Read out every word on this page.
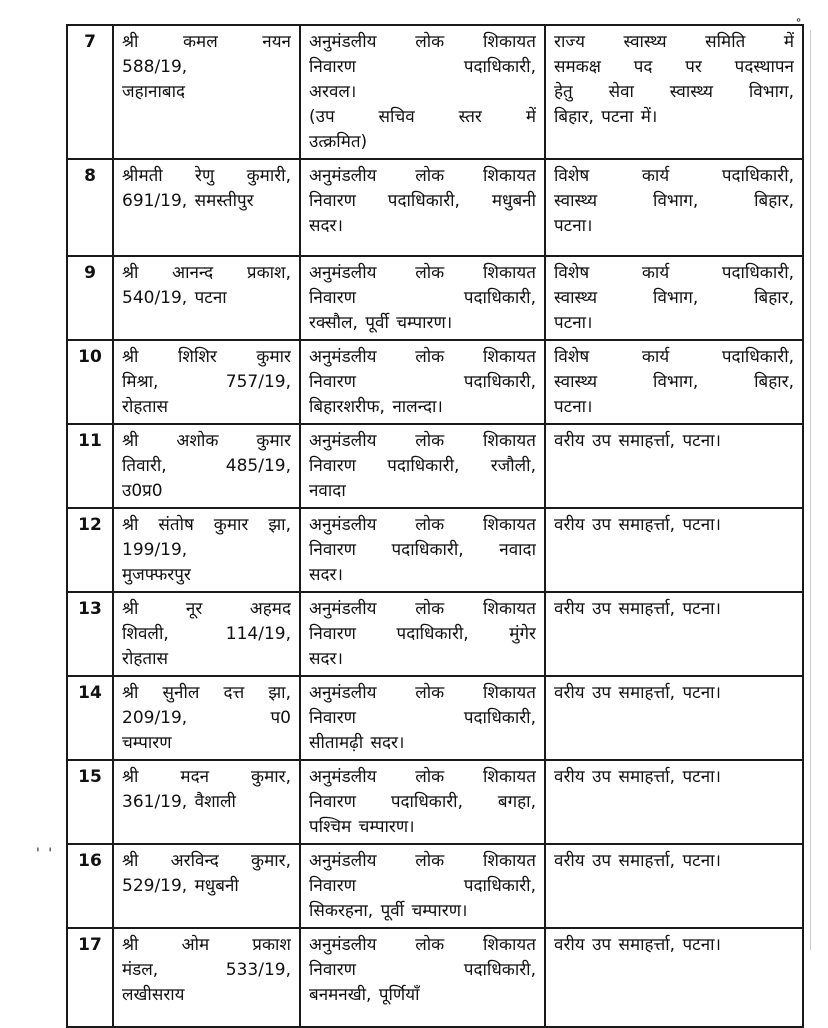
॰
' '
7	श्री कमल नयन
588/19,
जहानाबाद	अनुमंडलीय लोक शिकायत
निवारण पदाधिकारी,
अरवल।
(उप सचिव स्तर में
उत्क्रमित)	राज्य स्वास्थ्य समिति में
समकक्ष पद पर पदस्थापन
हेतु सेवा स्वास्थ्य विभाग,
बिहार, पटना में।

8	श्रीमती रेणु कुमारी,
691/19, समस्तीपुर	अनुमंडलीय लोक शिकायत
निवारण पदाधिकारी, मधुबनी
सदर।	विशेष कार्य पदाधिकारी,
स्वास्थ्य विभाग, बिहार,
पटना।

9	श्री आनन्द प्रकाश,
540/19, पटना	अनुमंडलीय लोक शिकायत
निवारण पदाधिकारी,
रक्सौल, पूर्वी चम्पारण।	विशेष कार्य पदाधिकारी,
स्वास्थ्य विभाग, बिहार,
पटना।

10	श्री शिशिर कुमार
मिश्रा, 757/19,
रोहतास	अनुमंडलीय लोक शिकायत
निवारण पदाधिकारी,
बिहारशरीफ, नालन्दा।	विशेष कार्य पदाधिकारी,
स्वास्थ्य विभाग, बिहार,
पटना।

11	श्री अशोक कुमार
तिवारी, 485/19,
उ0प्र0	अनुमंडलीय लोक शिकायत
निवारण पदाधिकारी, रजौली,
नवादा	वरीय उप समाहर्त्ता, पटना।

12	श्री संतोष कुमार झा,
199/19,
मुजफ्फरपुर	अनुमंडलीय लोक शिकायत
निवारण पदाधिकारी, नवादा
सदर।	वरीय उप समाहर्त्ता, पटना।

13	श्री नूर अहमद
शिवली, 114/19,
रोहतास	अनुमंडलीय लोक शिकायत
निवारण पदाधिकारी, मुंगेर
सदर।	वरीय उप समाहर्त्ता, पटना।

14	श्री सुनील दत्त झा,
209/19, प0
चम्पारण	अनुमंडलीय लोक शिकायत
निवारण पदाधिकारी,
सीतामढ़ी सदर।	वरीय उप समाहर्त्ता, पटना।

15	श्री मदन कुमार,
361/19, वैशाली	अनुमंडलीय लोक शिकायत
निवारण पदाधिकारी, बगहा,
पश्चिम चम्पारण।	वरीय उप समाहर्त्ता, पटना।

16	श्री अरविन्द कुमार,
529/19, मधुबनी	अनुमंडलीय लोक शिकायत
निवारण पदाधिकारी,
सिकरहना, पूर्वी चम्पारण।	वरीय उप समाहर्त्ता, पटना।

17	श्री ओम प्रकाश
मंडल, 533/19,
लखीसराय	अनुमंडलीय लोक शिकायत
निवारण पदाधिकारी,
बनमनखी, पूर्णियाँ	वरीय उप समाहर्त्ता, पटना।
